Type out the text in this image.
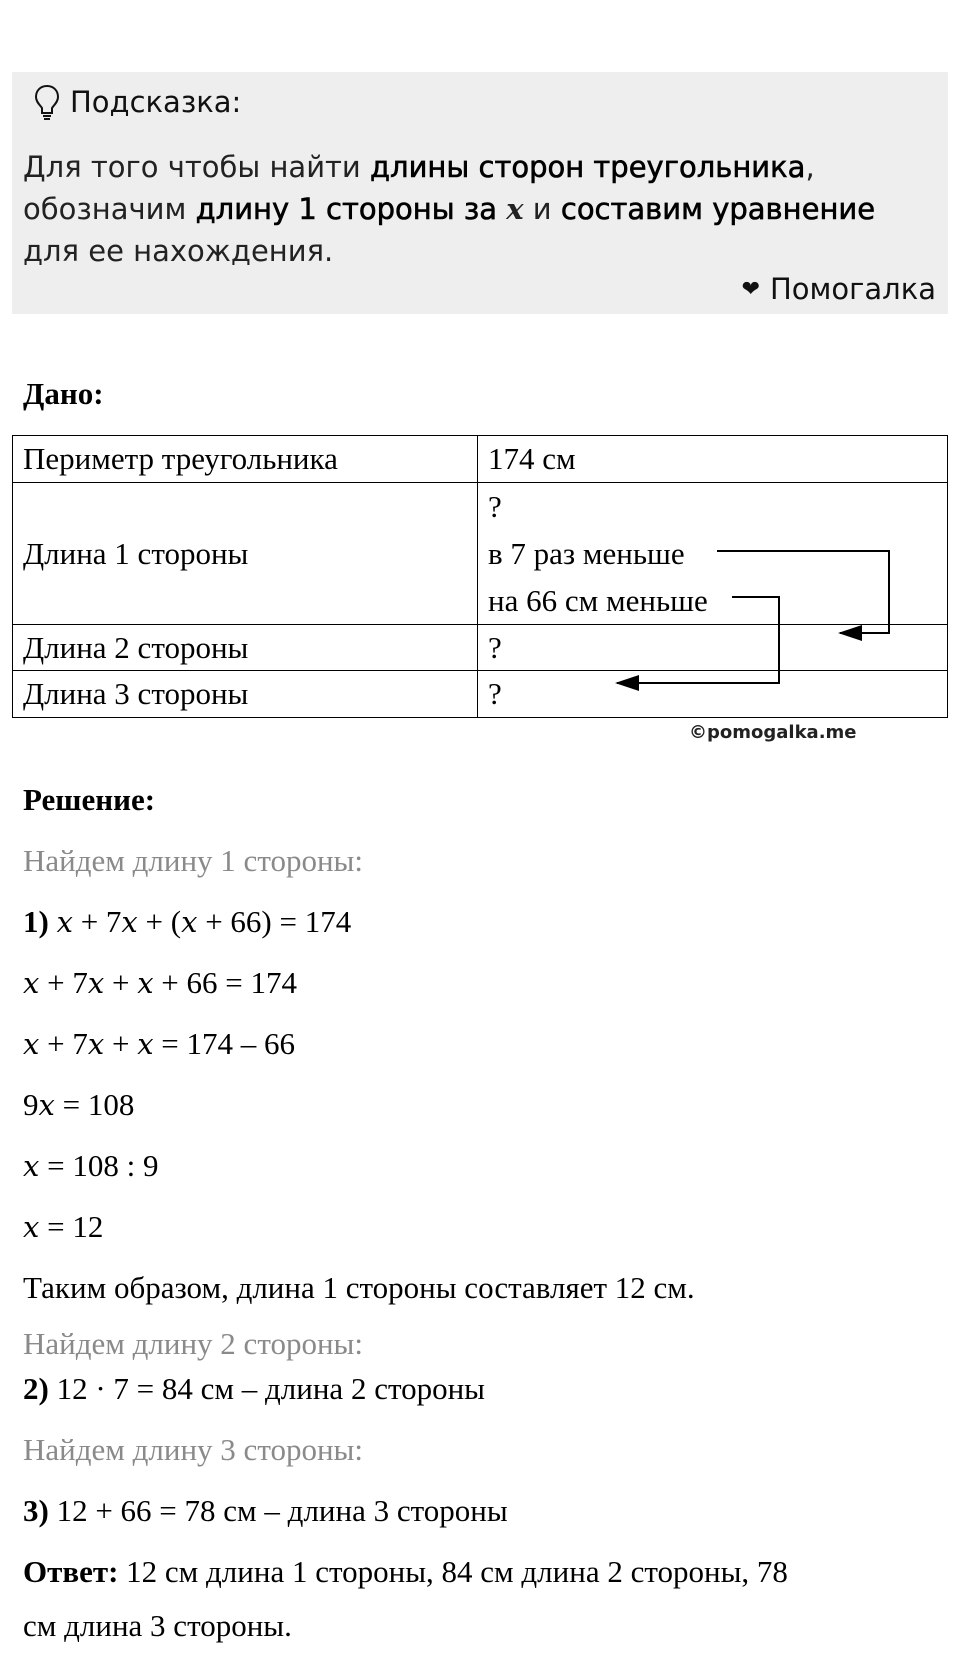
Подсказка:
Для того чтобы найти длины сторон треугольника, обозначим длину 1 стороны за x и составим уравнение для ее нахождения.
❤ Помогалка
Дано:
Периметр треугольника	174 см
Длина 1 стороны	?
в 7 раз меньше
на 66 см меньше

Длина 2 стороны	?
Длина 3 стороны	?
©pomogalka.me
Решение:
Найдем длину 1 стороны:
1) x + 7x + (x + 66) = 174
x + 7x + x + 66 = 174
x + 7x + x = 174 – 66
9x = 108
x = 108 : 9
x = 12
Таким образом, длина 1 стороны составляет 12 см.
Найдем длину 2 стороны:
2) 12 · 7 = 84 см – длина 2 стороны
Найдем длину 3 стороны:
3) 12 + 66 = 78 см – длина 3 стороны
Ответ: 12 см длина 1 стороны, 84 см длина 2 стороны, 78
см длина 3 стороны.
